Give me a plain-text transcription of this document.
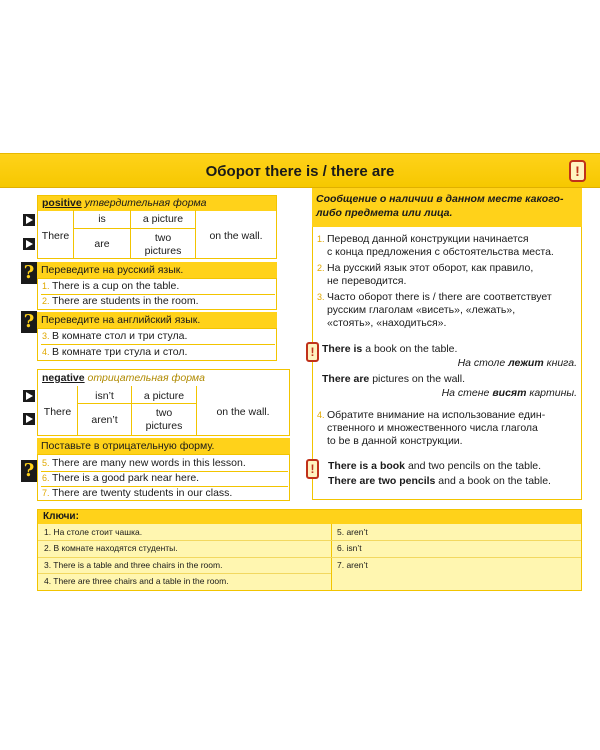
Оборот there is / there are	!
positive утвердительная форма
There
is
are
a picture
two
pictures
on the wall.
? Переведите на русский язык.
1. There is a cup on the table.
2. There are students in the room.
? Переведите на английский язык.
3. В комнате стол и три стула.
4. В комнате три стула и стол.
negative отрицательная форма
There
isn’t
aren’t
a picture
two
pictures
on the wall.
?
Поставьте в отрицательную форму.
5. There are many new words in this lesson.
6. There is a good park near here.
7. There are twenty students in our class.
Сообщение о наличии в данном месте какого-
либо предмета или лица.
1. Перевод данной конструкции начинается
с конца предложения с обстоятельства места.
2. На русский язык этот оборот, как правило,
не переводится.
3. Часто оборот there is / there are соответствует
русским глаголам «висеть», «лежать»,
«стоять», «находиться».
! There is a book on the table.
На столе лежит книга.
There are pictures on the wall.
На стене висят картины.
4. Обратите внимание на использование един-
ственного и множественного числа глагола
to be в данной конструкции.
!	There is a book and two pencils on the table.
There are two pencils and a book on the table.
Ключи:
1. На столе стоит чашка.
2. В комнате находятся студенты.
3. There is a table and three chairs in the room.
4. There are three chairs and a table in the room.
5. aren’t
6. isn’t
7. aren’t
